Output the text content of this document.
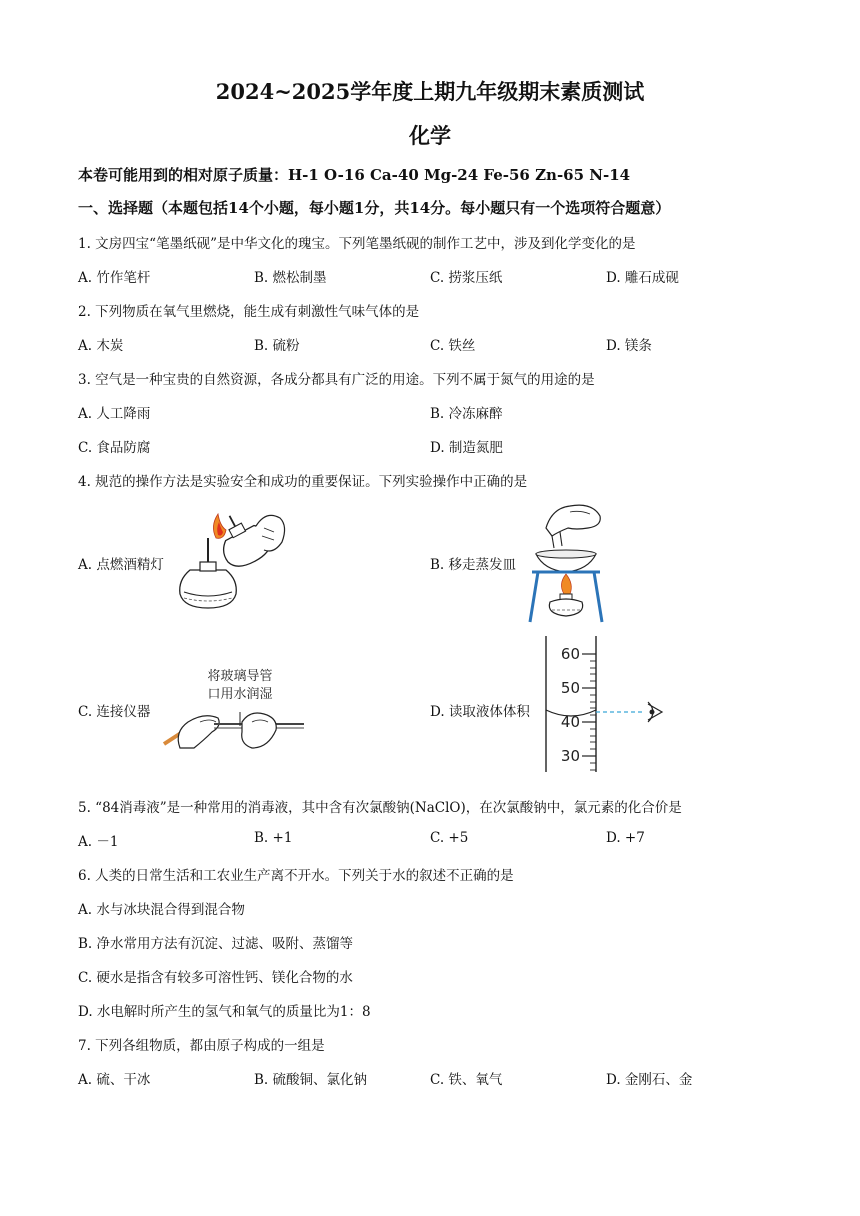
2024~2025学年度上期九年级期末素质测试
化学
本卷可能用到的相对原子质量：H-1 O-16 Ca-40 Mg-24 Fe-56 Zn-65 N-14
一、选择题（本题包括14个小题，每小题1分，共14分。每小题只有一个选项符合题意）
1. 文房四宝“笔墨纸砚”是中华文化的瑰宝。下列笔墨纸砚的制作工艺中，涉及到化学变化的是
A. 竹作笔杆	B. 燃松制墨	C. 捞浆压纸	D. 雕石成砚
2. 下列物质在氧气里燃烧，能生成有刺激性气味气体的是
A. 木炭	B. 硫粉	C. 铁丝	D. 镁条
3. 空气是一种宝贵的自然资源，各成分都具有广泛的用途。下列不属于氮气的用途的是
A. 人工降雨	B. 冷冻麻醉
C. 食品防腐	D. 制造氮肥
4. 规范的操作方法是实验安全和成功的重要保证。下列实验操作中正确的是
A. 点燃酒精灯	B. 移走蒸发皿
将玻璃导管
口用水润湿
C. 连接仪器	D. 读取液体体积
60
50
40
30
5. “84消毒液”是一种常用的消毒液，其中含有次氯酸钠(NaClO)，在次氯酸钠中，氯元素的化合价是
A. －1	B. +1	C. +5	D. +7
6. 人类的日常生活和工农业生产离不开水。下列关于水的叙述不正确的是
A. 水与冰块混合得到混合物
B. 净水常用方法有沉淀、过滤、吸附、蒸馏等
C. 硬水是指含有较多可溶性钙、镁化合物的水
D. 水电解时所产生的氢气和氧气的质量比为1：8
7. 下列各组物质，都由原子构成的一组是
A. 硫、干冰	B. 硫酸铜、氯化钠	C. 铁、氧气	D. 金刚石、金
